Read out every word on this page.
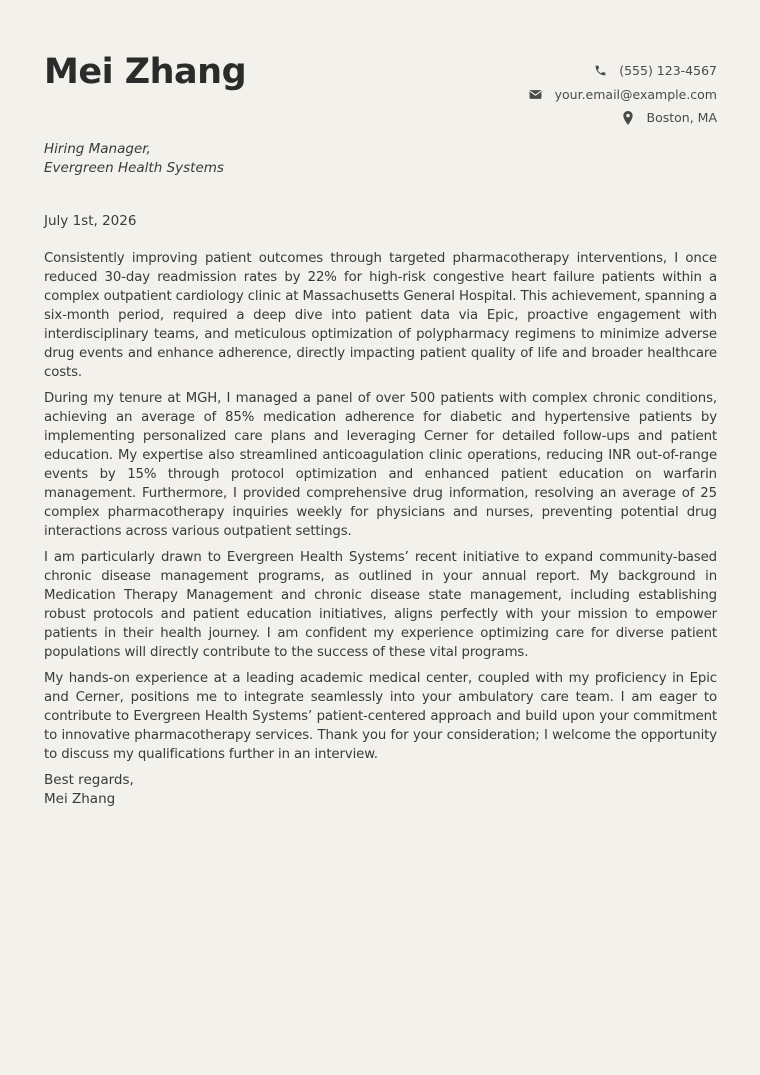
Mei Zhang	(555) 123-4567
your.email@example.com
Boston, MA
Hiring Manager,
Evergreen Health Systems
July 1st, 2026

Consistently improving patient outcomes through targeted pharmacotherapy interventions, I once reduced 30-day readmission rates by 22% for high-risk congestive heart failure patients within a complex outpatient cardiology clinic at Massachusetts General Hospital. This achievement, spanning a six-month period, required a deep dive into patient data via Epic, proactive engagement with interdisciplinary teams, and meticulous optimization of polypharmacy regimens to minimize adverse drug events and enhance adherence, directly impacting patient quality of life and broader healthcare costs.

During my tenure at MGH, I managed a panel of over 500 patients with complex chronic conditions, achieving an average of 85% medication adherence for diabetic and hypertensive patients by implementing personalized care plans and leveraging Cerner for detailed follow-ups and patient education. My expertise also streamlined anticoagulation clinic operations, reducing INR out-of-range events by 15% through protocol optimization and enhanced patient education on warfarin management. Furthermore, I provided comprehensive drug information, resolving an average of 25 complex pharmacotherapy inquiries weekly for physicians and nurses, preventing potential drug interactions across various outpatient settings.

I am particularly drawn to Evergreen Health Systems’ recent initiative to expand community-based chronic disease management programs, as outlined in your annual report. My background in Medication Therapy Management and chronic disease state management, including establishing robust protocols and patient education initiatives, aligns perfectly with your mission to empower patients in their health journey. I am confident my experience optimizing care for diverse patient populations will directly contribute to the success of these vital programs.

My hands-on experience at a leading academic medical center, coupled with my proficiency in Epic and Cerner, positions me to integrate seamlessly into your ambulatory care team. I am eager to contribute to Evergreen Health Systems’ patient-centered approach and build upon your commitment to innovative pharmacotherapy services. Thank you for your consideration; I welcome the opportunity to discuss my qualifications further in an interview.

Best regards,
Mei Zhang
